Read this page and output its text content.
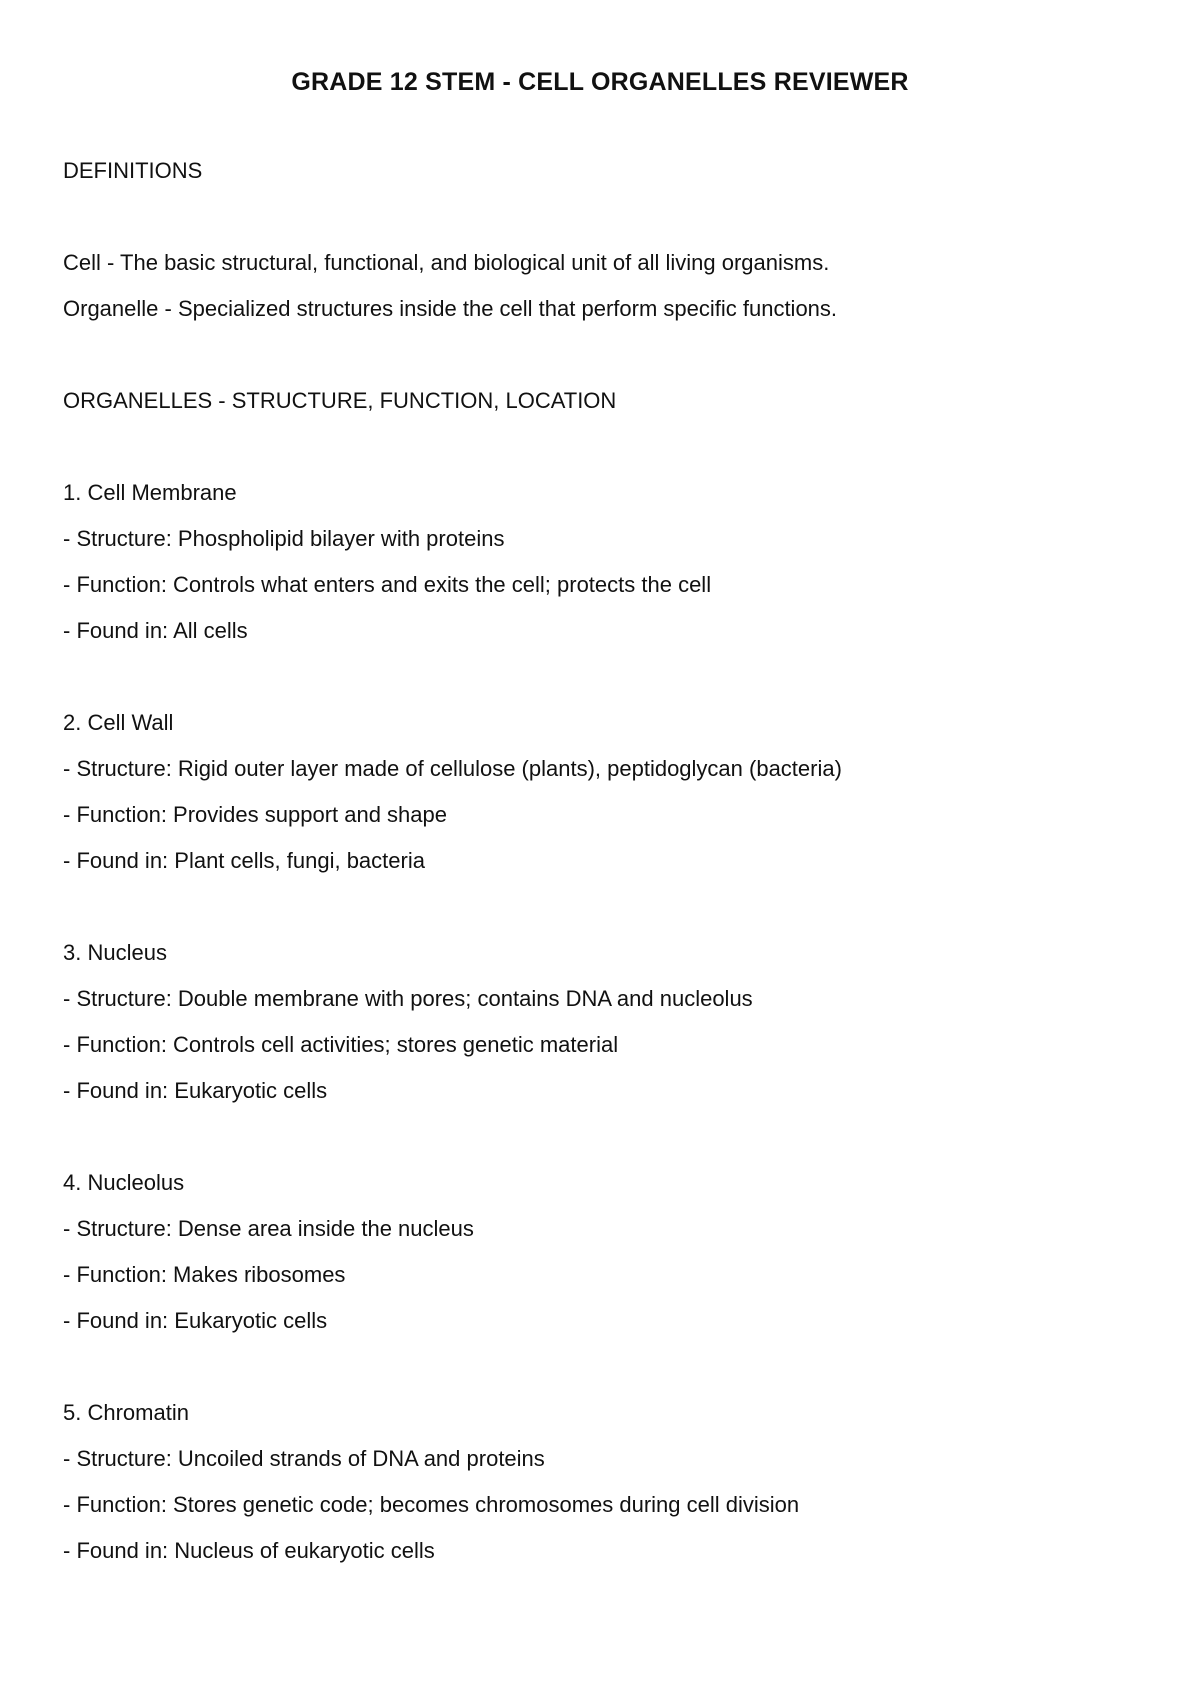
GRADE 12 STEM - CELL ORGANELLES REVIEWER
DEFINITIONS
Cell - The basic structural, functional, and biological unit of all living organisms.
Organelle - Specialized structures inside the cell that perform specific functions.
ORGANELLES - STRUCTURE, FUNCTION, LOCATION
1. Cell Membrane
- Structure: Phospholipid bilayer with proteins
- Function: Controls what enters and exits the cell; protects the cell
- Found in: All cells
2. Cell Wall
- Structure: Rigid outer layer made of cellulose (plants), peptidoglycan (bacteria)
- Function: Provides support and shape
- Found in: Plant cells, fungi, bacteria
3. Nucleus
- Structure: Double membrane with pores; contains DNA and nucleolus
- Function: Controls cell activities; stores genetic material
- Found in: Eukaryotic cells
4. Nucleolus
- Structure: Dense area inside the nucleus
- Function: Makes ribosomes
- Found in: Eukaryotic cells
5. Chromatin
- Structure: Uncoiled strands of DNA and proteins
- Function: Stores genetic code; becomes chromosomes during cell division
- Found in: Nucleus of eukaryotic cells
